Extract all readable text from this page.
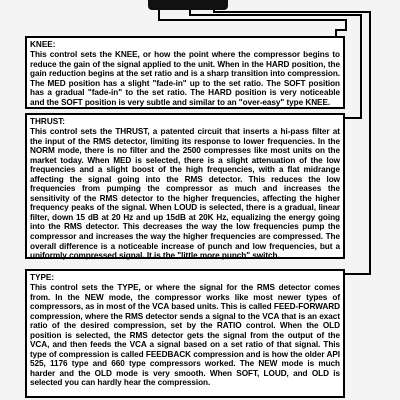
KNEE:

This control sets the KNEE, or how the point where the compressor begins to reduce the gain of the signal applied to the unit. When in the HARD position, the gain reduction begins at the set ratio and is a sharp transition into compression. The MED position has a slight "fade-in" up to the set ratio. The SOFT position has a gradual "fade-in" to the set ratio. The HARD position is very noticeable and the SOFT position is very subtle and similar to an "over-easy" type KNEE.

THRUST:

This control sets the THRUST, a patented circuit that inserts a hi-pass filter at the input of the RMS detector, limiting its response to lower frequencies. In the NORM mode, there is no filter and the 2500 compresses like most units on the market today. When MED is selected, there is a slight attenuation of the low frequencies and a slight boost of the high frequencies, with a flat midrange affecting the signal going into the RMS detector. This reduces the low frequencies from pumping the compressor as much and increases the sensitivity of the RMS detector to the higher frequencies, affecting the higher frequency peaks of the signal. When LOUD is selected, there is a gradual, linear filter, down 15 dB at 20 Hz and up 15dB at 20K Hz, equalizing the energy going into the RMS detector. This decreases the way the low frequencies pump the compressor and increases the way the higher frequencies are compressed. The overall difference is a noticeable increase of punch and low frequencies, but a uniformly compressed signal. It is the "little more punch" switch.

TYPE:

This control sets the TYPE, or where the signal for the RMS detector comes from. In the NEW mode, the compressor works like most newer types of compressors, as in most of the VCA based units. This is called FEED-FORWARD compression, where the RMS detector sends a signal to the VCA that is an exact ratio of the desired compression, set by the RATIO control. When the OLD position is selected, the RMS detector gets the signal from the output of the VCA, and then feeds the VCA a signal based on a set ratio of that signal. This type of compression is called FEEDBACK compression and is how the older API 525, 1176 type and 660 type compressors worked. The NEW mode is much harder and the OLD mode is very smooth. When SOFT, LOUD, and OLD is selected you can hardly hear the compression.
